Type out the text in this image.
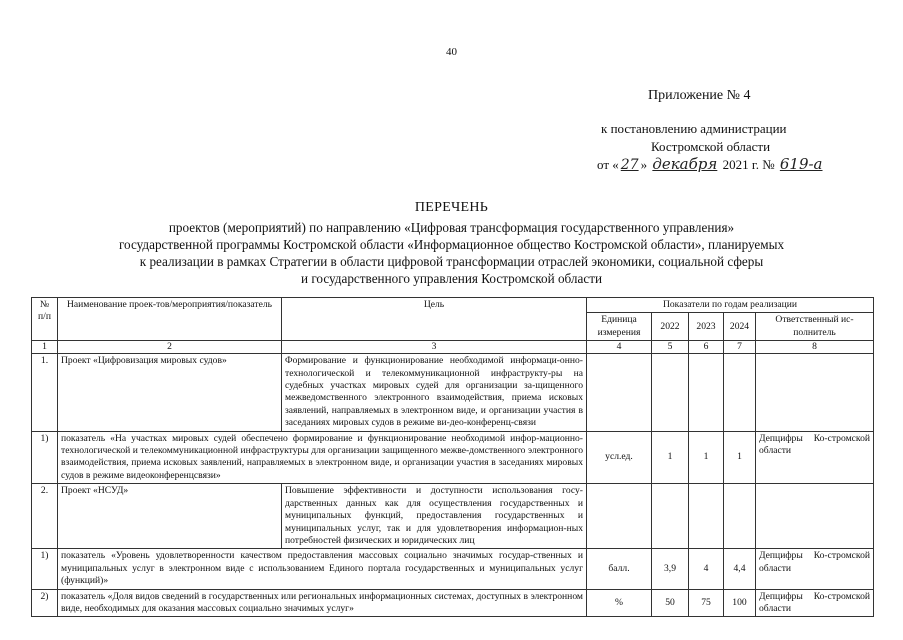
40
Приложение № 4
к постановлению администрации
Костромской области
от « 27 » декабря 2021 г. № 619-а
ПЕРЕЧЕНЬ
проектов (мероприятий) по направлению «Цифровая трансформация государственного управления»
государственной программы Костромской области «Информационное общество Костромской области», планируемых
к реализации в рамках Стратегии в области цифровой трансформации отраслей экономики, социальной сферы
и государственного управления Костромской области
№ п/п	Наименование проек-тов/мероприятия/показатель	Цель	Показатели по годам реализации				
			Единица измерения	2022	2023	2024	Ответственный ис-полнитель
1	2	3	4	5	6	7	8
1.	Проект «Цифровизация мировых судов»	Формирование и функционирование необходимой информаци-онно-технологической и телекоммуникационной инфраструкту-ры на судебных участках мировых судей для организации за-щищенного межведомственного электронного взаимодействия, приема исковых заявлений, направляемых в электронном виде, и организации участия в заседаниях мировых судов в режиме ви-део-конференц-связи					
1)	показатель «На участках мировых судей обеспечено формирование и функционирование необходимой инфор-мационно-технологической и телекоммуникационной инфраструктуры для организации защищенного межве-домственного электронного взаимодействия, приема исковых заявлений, направляемых в электронном виде, и организации участия в заседаниях мировых судов в режиме видеоконференцсвязи»		усл.ед.	1	1	1	Депцифры Ко-стромской области
2.	Проект «НСУД»	Повышение эффективности и доступности использования госу-дарственных данных как для осуществления государственных и муниципальных функций, предоставления государственных и муниципальных услуг, так и для удовлетворения информацион-ных потребностей физических и юридических лиц					
1)	показатель «Уровень удовлетворенности качеством предоставления массовых социально значимых госудаp-ственных и муниципальных услуг в электронном виде с использованием Единого портала государственных и муниципальных услуг (функций)»		балл.	3,9	4	4,4	Депцифры Ко-стромской области
2)	показатель «Доля видов сведений в государственных или региональных информационных системах, доступных в электронном виде, необходимых для оказания массовых социально значимых услуг»		%	50	75	100	Депцифры Ко-стромской области
